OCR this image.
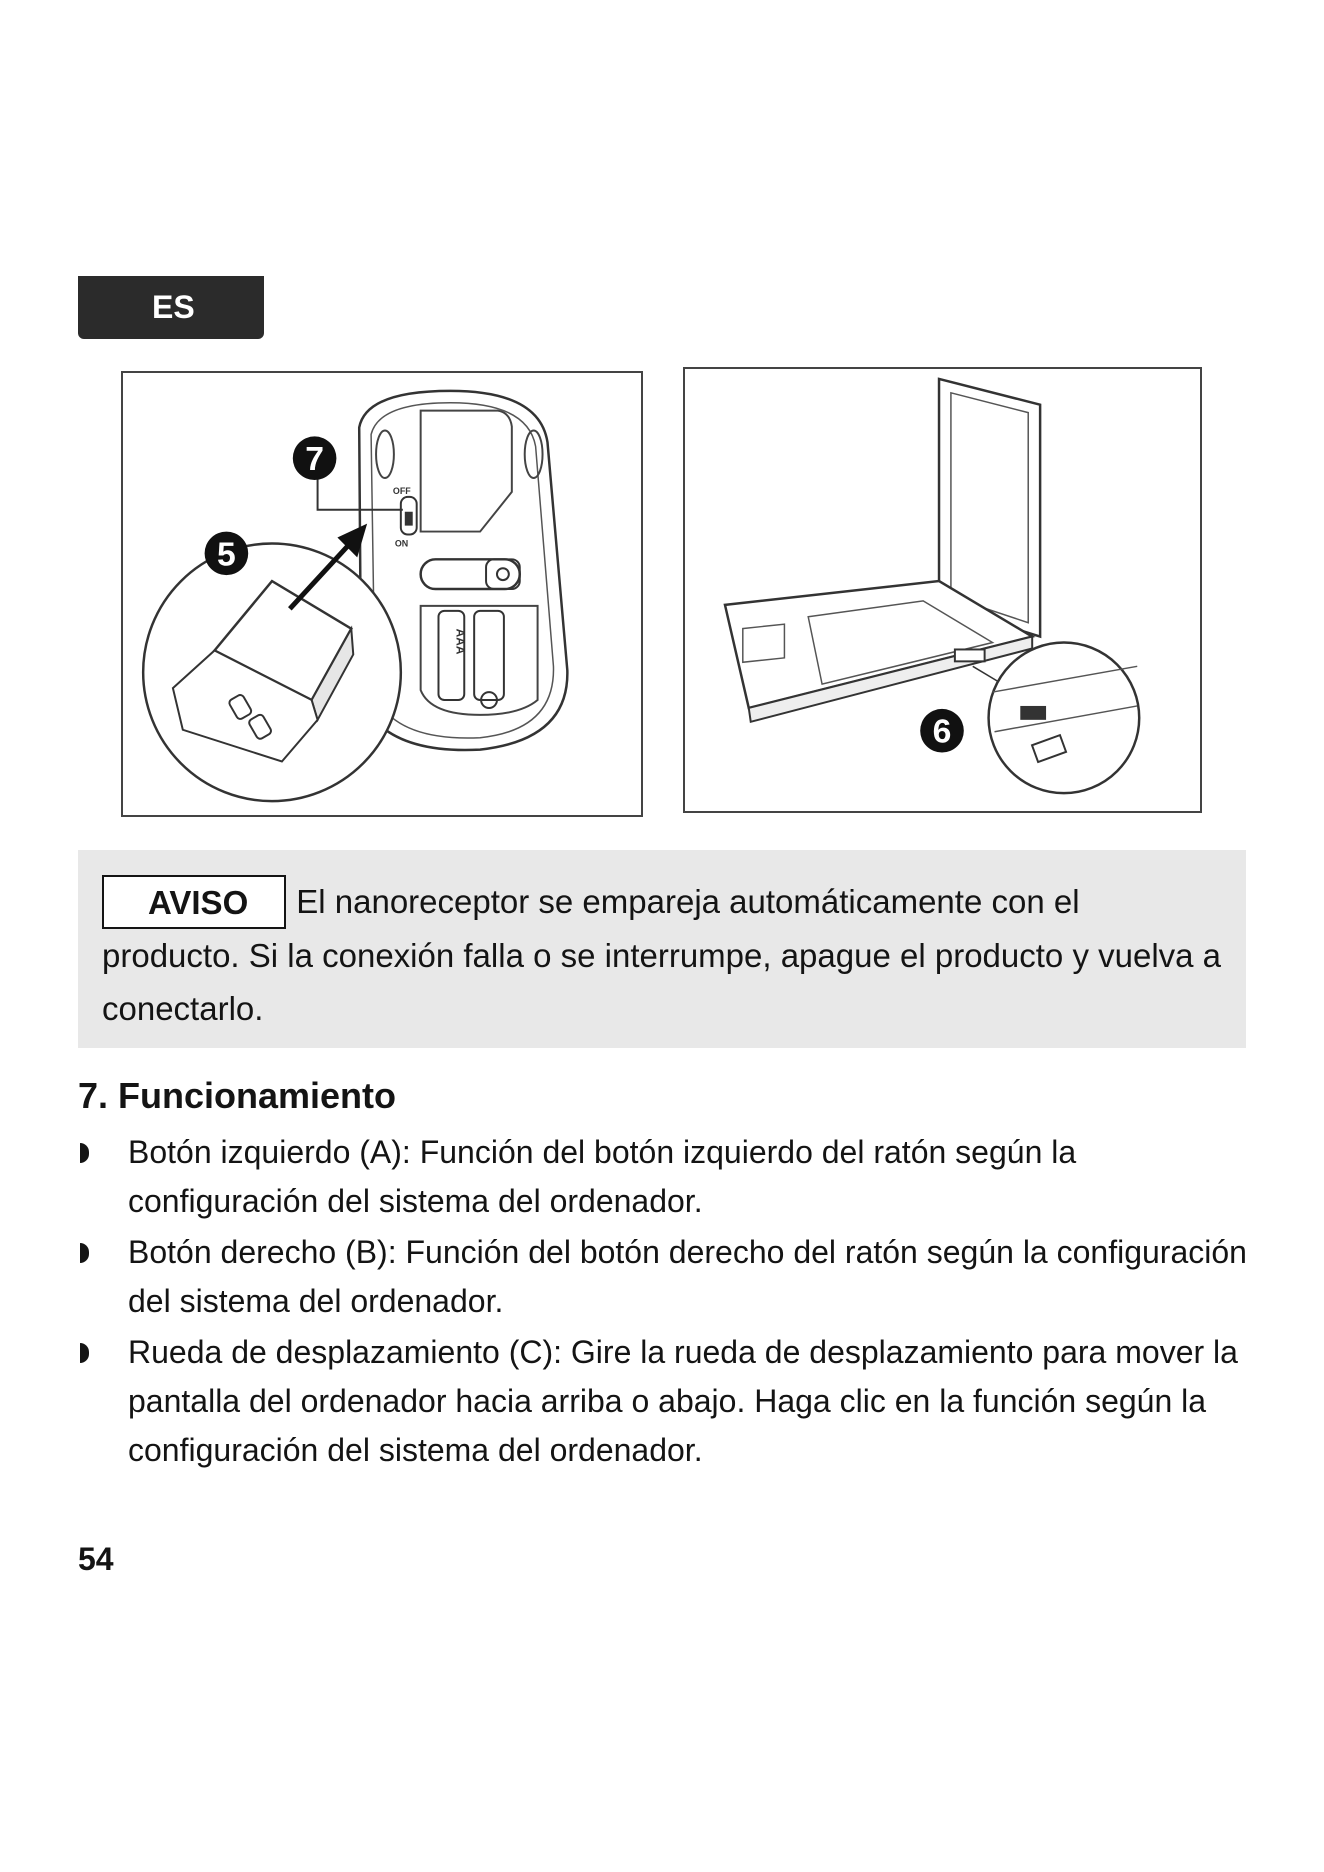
ES
OFF
ON
AAA
7
5
6
AVISO El nanoreceptor se empareja automáticamente con el producto. Si la conexión falla o se interrumpe, apague el producto y vuelva a conectarlo.
7. Funcionamiento
Botón izquierdo (A): Función del botón izquierdo del ratón según la configuración del sistema del ordenador.
Botón derecho (B): Función del botón derecho del ratón según la configuración del sistema del ordenador.
Rueda de desplazamiento (C): Gire la rueda de desplazamiento para mover la pantalla del ordenador hacia arriba o abajo. Haga clic en la función según la configuración del sistema del ordenador.
54
